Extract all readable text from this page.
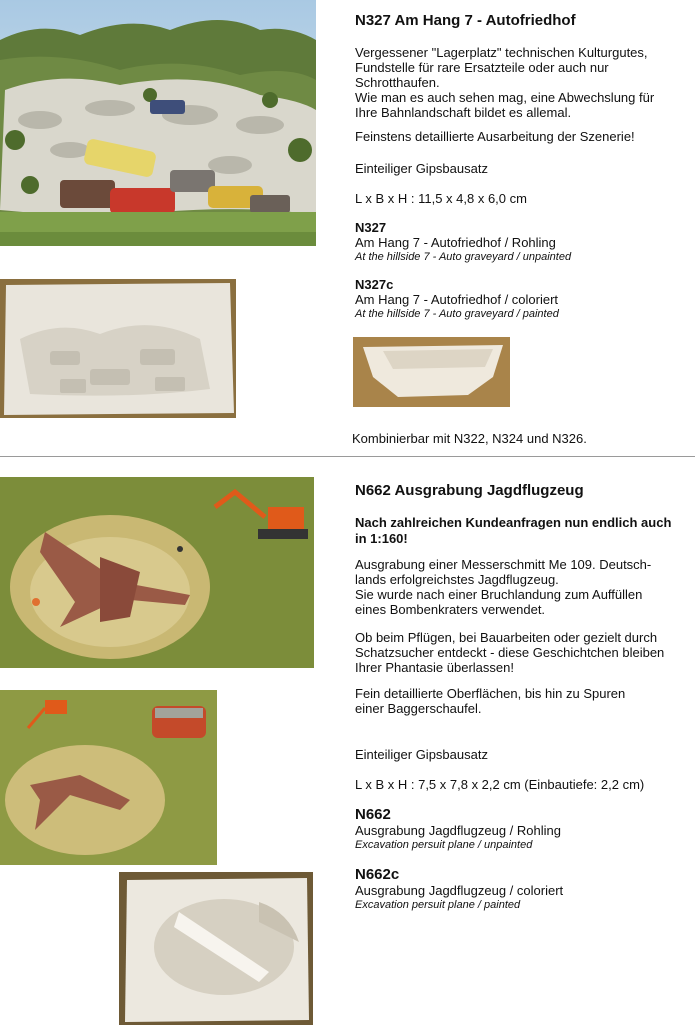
N327 Am Hang 7 - Autofriedhof
Vergessener "Lagerplatz" technischen Kulturgutes,
Fundstelle für rare Ersatzteile oder auch nur
Schrotthaufen.
Wie man es auch sehen mag, eine Abwechslung für
Ihre Bahnlandschaft bildet es allemal.
Feinstens detaillierte Ausarbeitung der Szenerie!
Einteiliger Gipsbausatz
L x B x H : 11,5 x 4,8 x 6,0 cm
N327
Am Hang 7 - Autofriedhof / Rohling
At the hillside 7 - Auto graveyard / unpainted
N327c
Am Hang 7 - Autofriedhof / coloriert
At the hillside 7 - Auto graveyard / painted
Kombinierbar mit N322, N324 und N326.
N662 Ausgrabung Jagdflugzeug
Nach zahlreichen Kundeanfragen nun endlich auch
in 1:160!
Ausgrabung einer Messerschmitt Me 109. Deutsch-
lands erfolgreichstes Jagdflugzeug.
Sie wurde nach einer Bruchlandung zum Auffüllen
eines Bombenkraters verwendet.
Ob beim Pflügen, bei Bauarbeiten oder gezielt durch
Schatzsucher entdeckt - diese Geschichtchen bleiben
Ihrer Phantasie überlassen!
Fein detaillierte Oberflächen, bis hin zu Spuren
einer Baggerschaufel.
Einteiliger Gipsbausatz
L x B x H : 7,5 x 7,8 x 2,2 cm (Einbautiefe: 2,2 cm)
N662
Ausgrabung Jagdflugzeug / Rohling
Excavation persuit plane / unpainted
N662c
Ausgrabung Jagdflugzeug / coloriert
Excavation persuit plane / painted
